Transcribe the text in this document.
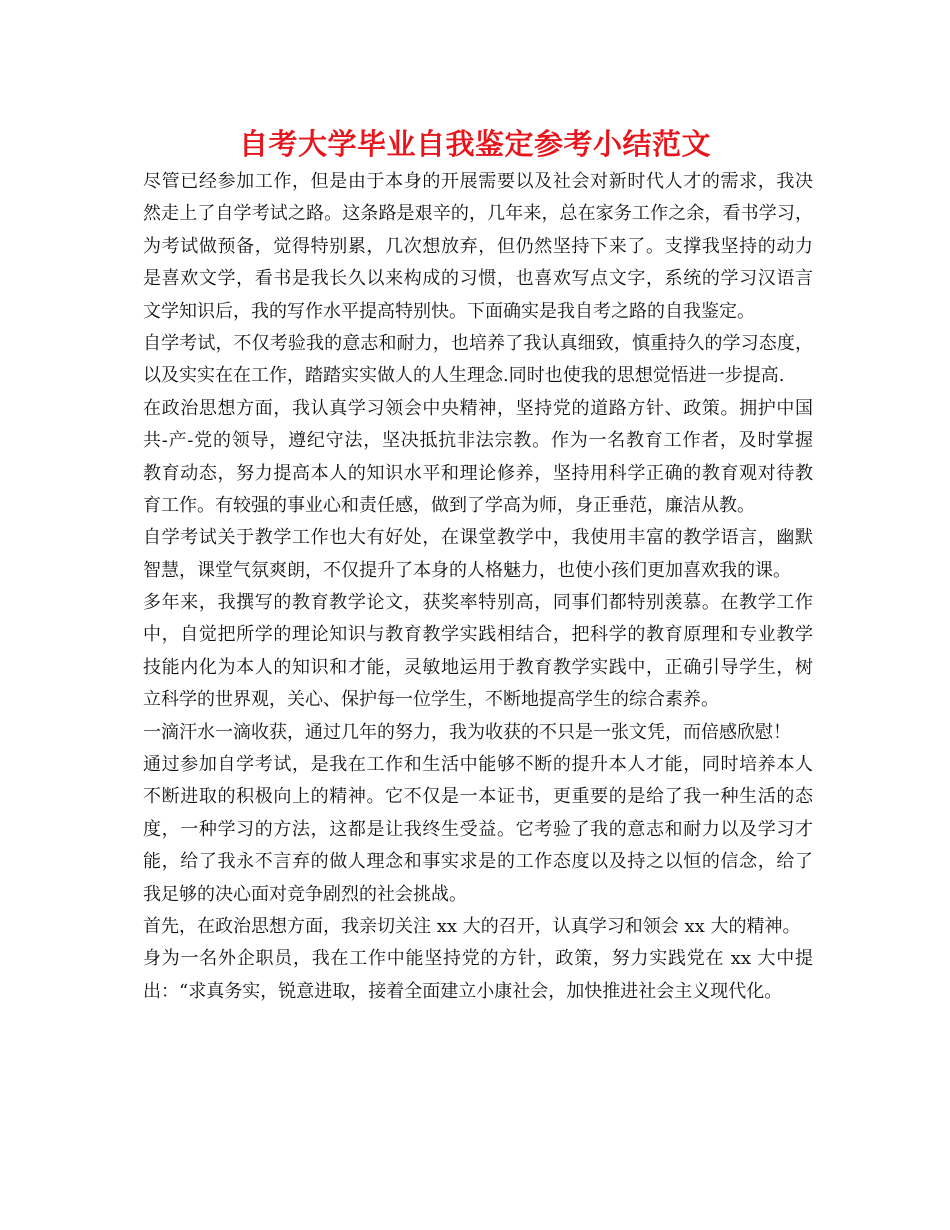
自考大学毕业自我鉴定参考小结范文
尽管已经参加工作，但是由于本身的开展需要以及社会对新时代人才的需求，我决
然走上了自学考试之路。这条路是艰辛的，几年来，总在家务工作之余，看书学习，
为考试做预备，觉得特别累，几次想放弃，但仍然坚持下来了。支撑我坚持的动力
是喜欢文学，看书是我长久以来构成的习惯，也喜欢写点文字，系统的学习汉语言
文学知识后，我的写作水平提高特别快。下面确实是我自考之路的自我鉴定。
自学考试，不仅考验我的意志和耐力，也培养了我认真细致，慎重持久的学习态度，
以及实实在在工作，踏踏实实做人的人生理念.同时也使我的思想觉悟进一步提高.
在政治思想方面，我认真学习领会中央精神，坚持党的道路方针、政策。拥护中国
共-产-党的领导，遵纪守法，坚决抵抗非法宗教。作为一名教育工作者，及时掌握
教育动态，努力提高本人的知识水平和理论修养，坚持用科学正确的教育观对待教
育工作。有较强的事业心和责任感，做到了学高为师，身正垂范，廉洁从教。
自学考试关于教学工作也大有好处，在课堂教学中，我使用丰富的教学语言，幽默
智慧，课堂气氛爽朗，不仅提升了本身的人格魅力，也使小孩们更加喜欢我的课。
多年来，我撰写的教育教学论文，获奖率特别高，同事们都特别羡慕。在教学工作
中，自觉把所学的理论知识与教育教学实践相结合，把科学的教育原理和专业教学
技能内化为本人的知识和才能，灵敏地运用于教育教学实践中，正确引导学生，树
立科学的世界观，关心、保护每一位学生，不断地提高学生的综合素养。
一滴汗水一滴收获，通过几年的努力，我为收获的不只是一张文凭，而倍感欣慰！
通过参加自学考试，是我在工作和生活中能够不断的提升本人才能，同时培养本人
不断进取的积极向上的精神。它不仅是一本证书，更重要的是给了我一种生活的态
度，一种学习的方法，这都是让我终生受益。它考验了我的意志和耐力以及学习才
能，给了我永不言弃的做人理念和事实求是的工作态度以及持之以恒的信念，给了
我足够的决心面对竞争剧烈的社会挑战。
首先，在政治思想方面，我亲切关注 xx 大的召开，认真学习和领会 xx 大的精神。
身为一名外企职员，我在工作中能坚持党的方针，政策，努力实践党在 xx 大中提
出：“求真务实，锐意进取，接着全面建立小康社会，加快推进社会主义现代化。
